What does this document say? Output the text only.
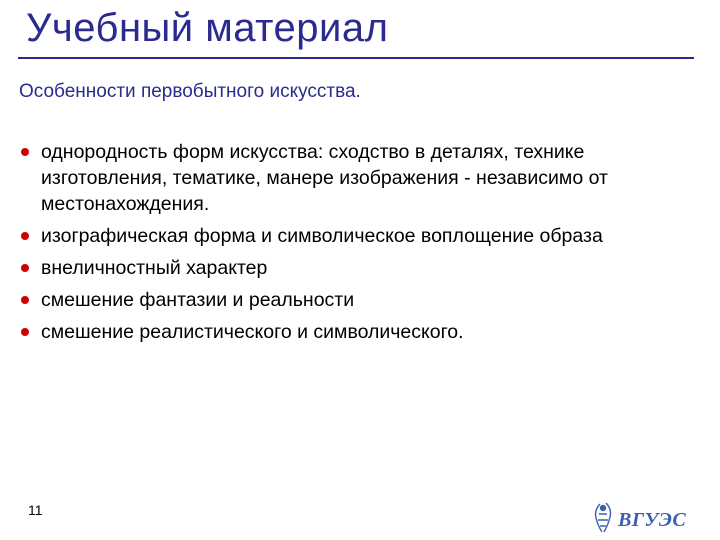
Учебный материал
Особенности первобытного искусства.
однородность форм искусства: сходство в деталях, технике изготовления, тематике, манере изображения - независимо от местонахождения.
изографическая форма и символическое воплощение образа
внеличностный характер
смешение фантазии и реальности
смешение реалистического и символического.
11	ВГУЭС
